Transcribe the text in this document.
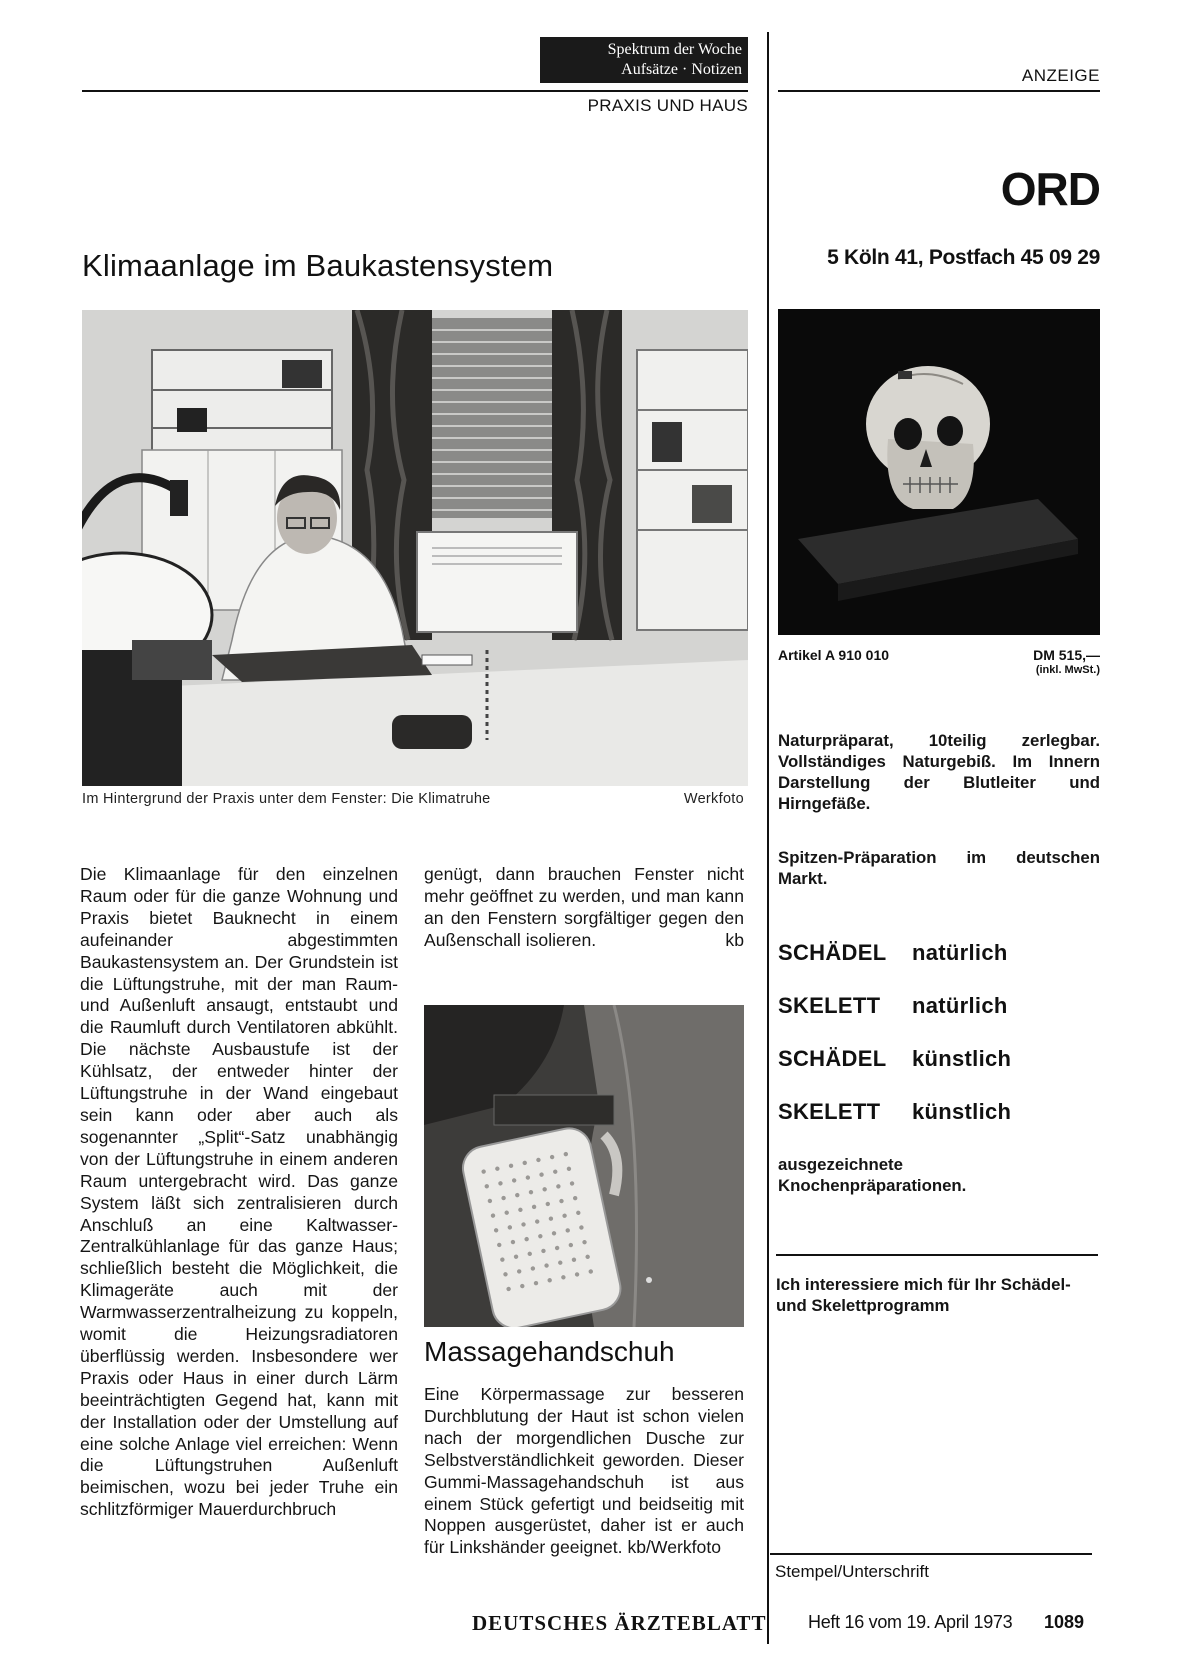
Spektrum der Woche
Aufsätze · Notizen
PRAXIS UND HAUS
ANZEIGE
ORD
5 Köln 41, Postfach 45 09 29
Klimaanlage im Baukastensystem
Im Hintergrund der Praxis unter dem Fenster: Die Klimatruhe	Werkfoto

Die Klimaanlage für den einzelnen Raum oder für die ganze Wohnung und Praxis bietet Bauknecht in einem aufeinander abgestimmten Baukastensystem an. Der Grundstein ist die Lüftungstruhe, mit der man Raum- und Außenluft ansaugt, entstaubt und die Raumluft durch Ventilatoren abkühlt. Die nächste Ausbaustufe ist der Kühlsatz, der entweder hinter der Lüftungstruhe in der Wand eingebaut sein kann oder aber auch als sogenannter „Split“-Satz unabhängig von der Lüftungstruhe in einem anderen Raum untergebracht wird. Das ganze System läßt sich zentralisieren durch Anschluß an eine Kaltwasser-Zentralkühlanlage für das ganze Haus; schließlich besteht die Möglichkeit, die Klimageräte auch mit der Warmwasserzentralheizung zu koppeln, womit die Heizungsradiatoren überflüssig werden. Insbesondere wer Praxis oder Haus in einer durch Lärm beeinträchtigten Gegend hat, kann mit der Installation oder der Umstellung auf eine solche Anlage viel erreichen: Wenn die Lüftungstruhen Außenluft beimischen, wozu bei jeder Truhe ein schlitzförmiger Mauerdurchbruch

genügt, dann brauchen Fenster nicht mehr geöffnet zu werden, und man kann an den Fenstern sorgfältiger gegen den Außenschall isolieren.	kb
Massagehandschuh

Eine Körpermassage zur besseren Durchblutung der Haut ist schon vielen nach der morgendlichen Dusche zur Selbstverständlichkeit geworden. Dieser Gummi-Massagehandschuh ist aus einem Stück gefertigt und beidseitig mit Noppen ausgerüstet, daher ist er auch für Linkshänder geeignet. kb/Werkfoto

Artikel A 910 010	DM 515,—
(inkl. MwSt.)

Naturpräparat, 10teilig zerlegbar. Vollständiges Naturgebiß. Im Innern Darstellung der Blutleiter und Hirngefäße.

Spitzen-Präparation im deutschen Markt.

SCHÄDEL natürlich
SKELETT natürlich
SCHÄDEL künstlich
SKELETT künstlich

ausgezeichnete Knochenpräparationen.

Ich interessiere mich für Ihr Schädel- und Skelettprogramm

Stempel/Unterschrift
DEUTSCHES ÄRZTEBLATT Heft 16 vom 19. April 1973 1089
